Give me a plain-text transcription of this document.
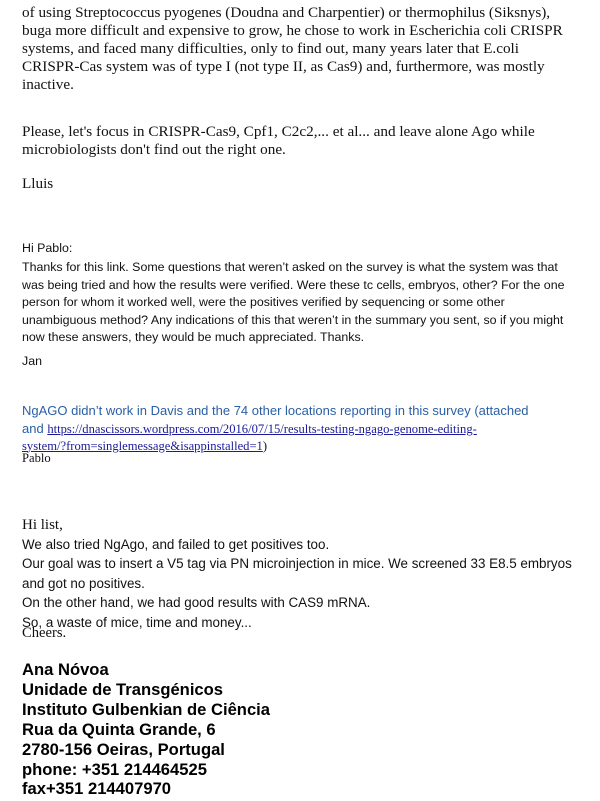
of using Streptococcus pyogenes (Doudna and Charpentier) or thermophilus (Siksnys),
buga more difficult and expensive to grow, he chose to work in Escherichia coli CRISPR
systems, and faced many difficulties, only to find out, many years later that E.coli
CRISPR-Cas system was of type I (not type II, as Cas9) and, furthermore, was mostly
inactive.
Please, let's focus in CRISPR-Cas9, Cpf1, C2c2,... et al... and leave alone Ago while
microbiologists don't find out the right one.
Lluis
Hi Pablo:
Thanks for this link. Some questions that weren’t asked on the survey is what the system was that
was being tried and how the results were verified. Were these tc cells, embryos, other? For the one
person for whom it worked well, were the positives verified by sequencing or some other
unambiguous method? Any indications of this that weren’t in the summary you sent, so if you might
now these answers, they would be much appreciated. Thanks.
Jan
NgAGO didn’t work in Davis and the 74 other locations reporting in this survey (attached
and https://dnascissors.wordpress.com/2016/07/15/results-testing-ngago-genome-editing-
system/?from=singlemessage&isappinstalled=1)
Pablo
Hi list,
We also tried NgAgo, and failed to get positives too.
Our goal was to insert a V5 tag via PN microinjection in mice. We screened 33 E8.5 embryos
and got no positives.
On the other hand, we had good results with CAS9 mRNA.
So, a waste of mice, time and money...
Cheers.
Ana Nóvoa
Unidade de Transgénicos
Instituto Gulbenkian de Ciência
Rua da Quinta Grande, 6
2780-156 Oeiras, Portugal
phone: +351 214464525
fax+351 214407970
